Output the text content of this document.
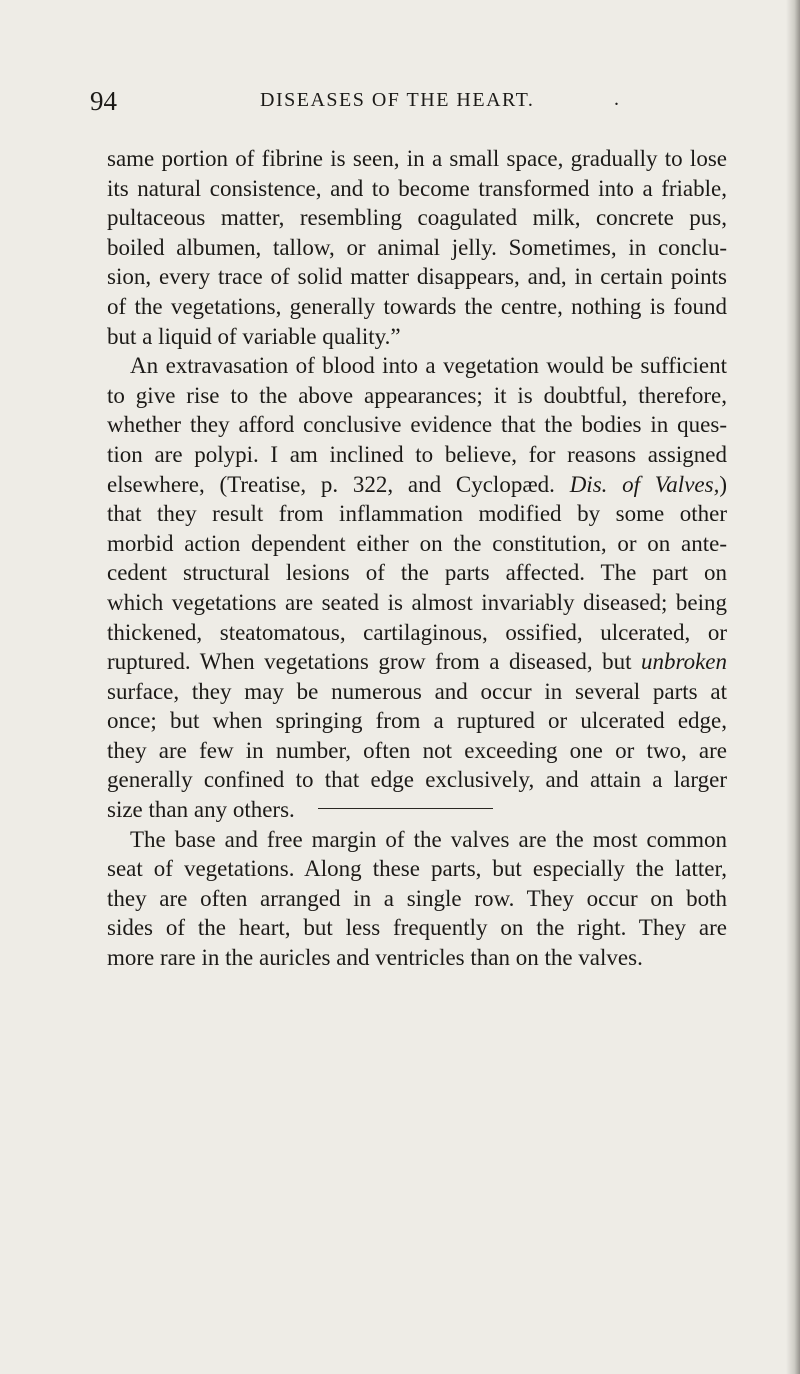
94	DISEASES OF THE HEART.	.

same portion of fibrine is seen, in a small space, gradually to lose
its natural consistence, and to become transformed into a friable,
pultaceous matter, resembling coagulated milk, concrete pus,
boiled albumen, tallow, or animal jelly. Sometimes, in conclu-
sion, every trace of solid matter disappears, and, in certain points
of the vegetations, generally towards the centre, nothing is found
but a liquid of variable quality.”

An extravasation of blood into a vegetation would be sufficient
to give rise to the above appearances; it is doubtful, therefore,
whether they afford conclusive evidence that the bodies in ques-
tion are polypi. I am inclined to believe, for reasons assigned
elsewhere, (Treatise, p. 322, and Cyclopæd. Dis. of Valves,)
that they result from inflammation modified by some other
morbid action dependent either on the constitution, or on ante-
cedent structural lesions of the parts affected. The part on
which vegetations are seated is almost invariably diseased; being
thickened, steatomatous, cartilaginous, ossified, ulcerated, or
ruptured. When vegetations grow from a diseased, but unbroken
surface, they may be numerous and occur in several parts at
once; but when springing from a ruptured or ulcerated edge,
they are few in number, often not exceeding one or two, are
generally confined to that edge exclusively, and attain a larger
size than any others.

The base and free margin of the valves are the most common
seat of vegetations. Along these parts, but especially the latter,
they are often arranged in a single row. They occur on both
sides of the heart, but less frequently on the right. They are
more rare in the auricles and ventricles than on the valves.
